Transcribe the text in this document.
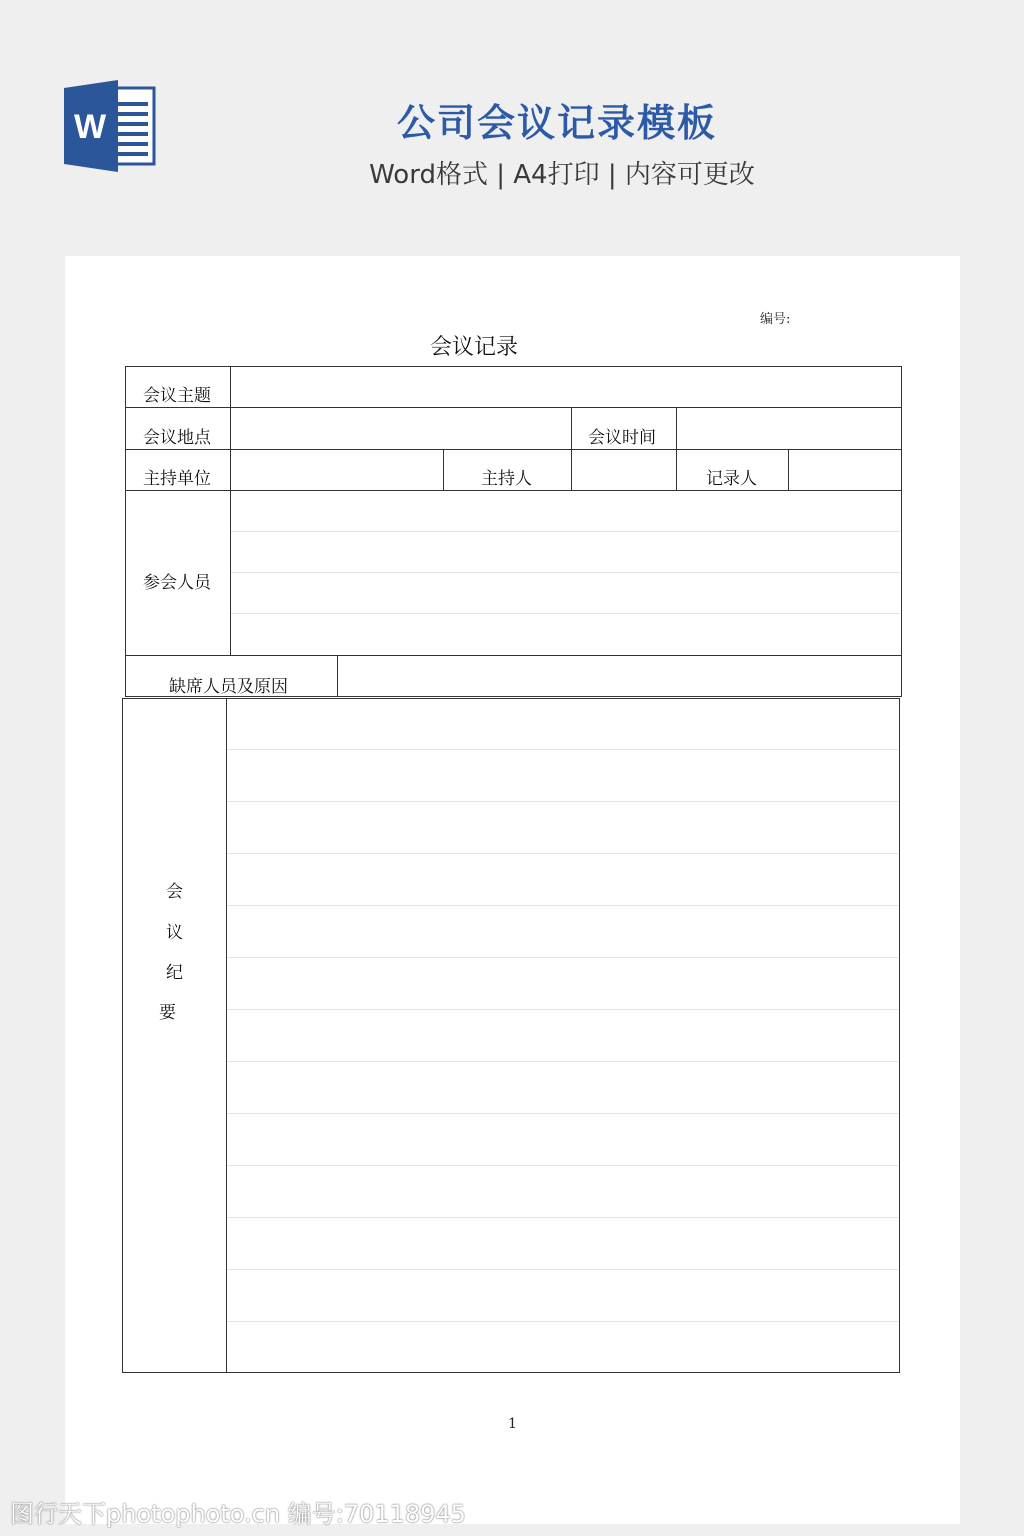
W	公司会议记录模板
Word格式 | A4打印 | 内容可更改
编号:
会议记录
会议主题
会议地点	会议时间
主持单位	主持人	记录人
参会人员
缺席人员及原因
会
议
纪
要
1
图行天下photophoto.cn 编号:70118945
